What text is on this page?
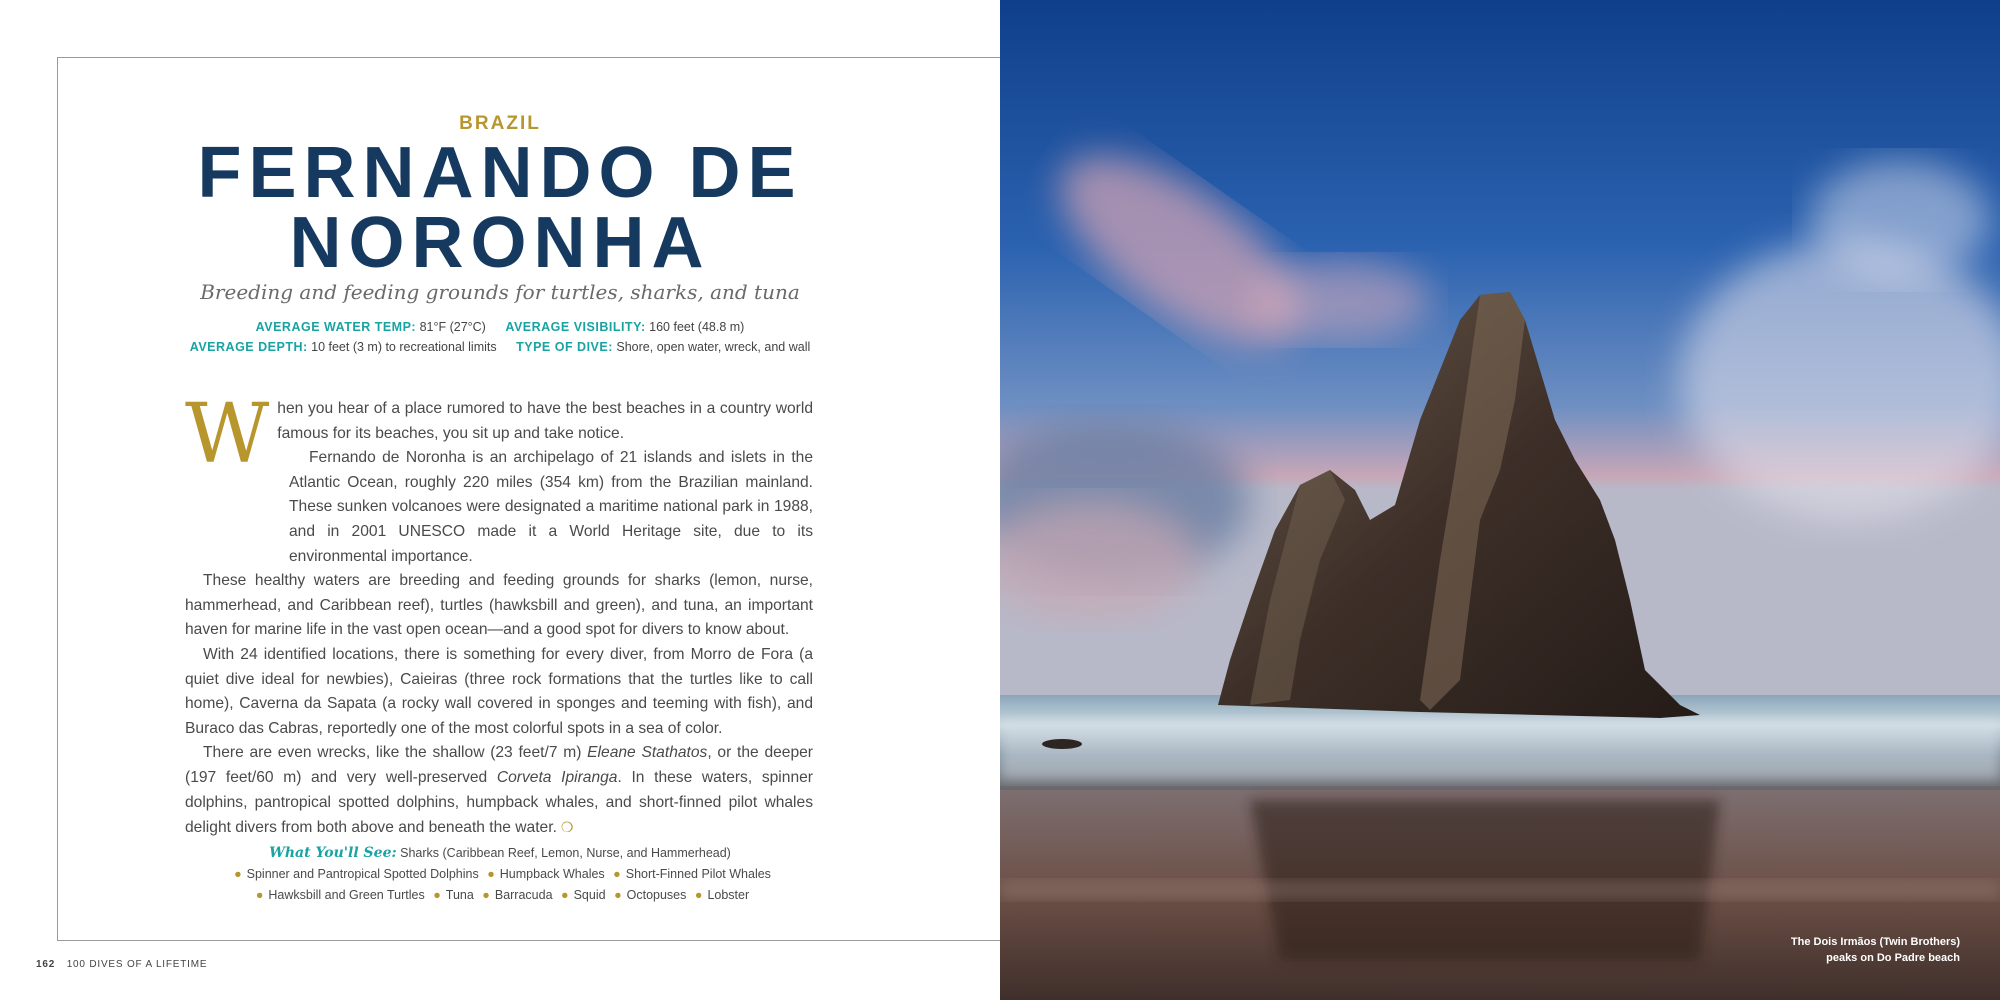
BRAZIL
FERNANDO DE
NORONHA
Breeding and feeding grounds for turtles, sharks, and tuna
AVERAGE WATER TEMP: 81°F (27°C) AVERAGE VISIBILITY: 160 feet (48.8 m)
AVERAGE DEPTH: 10 feet (3 m) to recreational limits TYPE OF DIVE: Shore, open water, wreck, and wall

When you hear of a place rumored to have the best beaches in a country world famous for its beaches, you sit up and take notice.

Fernando de Noronha is an archipelago of 21 islands and islets in the Atlantic Ocean, roughly 220 miles (354 km) from the Brazilian mainland. These sunken volcanoes were designated a maritime national park in 1988, and in 2001 UNESCO made it a World Heritage site, due to its environmental importance.

These healthy waters are breeding and feeding grounds for sharks (lemon, nurse, hammerhead, and Caribbean reef), turtles (hawksbill and green), and tuna, an important haven for marine life in the vast open ocean—and a good spot for divers to know about.

With 24 identified locations, there is something for every diver, from Morro de Fora (a quiet dive ideal for newbies), Caieiras (three rock formations that the turtles like to call home), Caverna da Sapata (a rocky wall covered in sponges and teeming with fish), and Buraco das Cabras, reportedly one of the most colorful spots in a sea of color.

There are even wrecks, like the shallow (23 feet/7 m) Eleane Stathatos, or the deeper (197 feet/60 m) and very well-preserved Corveta Ipiranga. In these waters, spinner dolphins, pantropical spotted dolphins, humpback whales, and short-finned pilot whales delight divers from both above and beneath the water. ❍

What You'll See: Sharks (Caribbean Reef, Lemon, Nurse, and Hammerhead)
● Spinner and Pantropical Spotted Dolphins ● Humpback Whales ● Short-Finned Pilot Whales
● Hawksbill and Green Turtles ● Tuna ● Barracuda ● Squid ● Octopuses ● Lobster
162 100 DIVES OF A LIFETIME
The Dois Irmãos (Twin Brothers)
peaks on Do Padre beach
